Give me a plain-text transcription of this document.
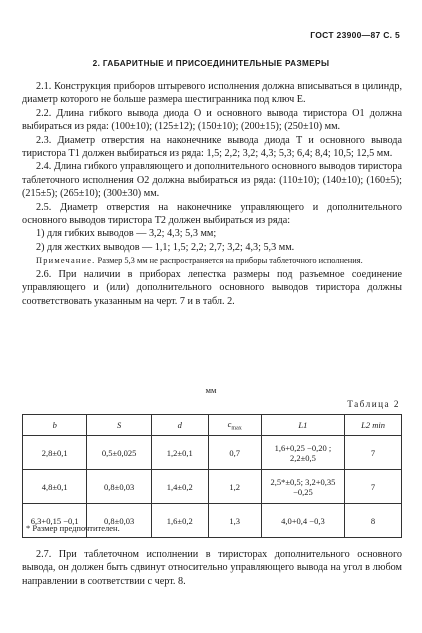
ГОСТ 23900—87 С. 5
2. ГАБАРИТНЫЕ И ПРИСОЕДИНИТЕЛЬНЫЕ РАЗМЕРЫ

2.1. Конструкция приборов штыревого исполнения должна вписываться в цилиндр, диаметр которого не больше размера шестигранника под ключ E.

2.2. Длина гибкого вывода диода O и основного вывода тиристора O1 должна выбираться из ряда: (100±10); (125±12); (150±10); (200±15); (250±10) мм.

2.3. Диаметр отверстия на наконечнике вывода диода T и основного вывода тиристора T1 должен выбираться из ряда: 1,5; 2,2; 3,2; 4,3; 5,3; 6,4; 8,4; 10,5; 12,5 мм.

2.4. Длина гибкого управляющего и дополнительного основного выводов тиристора таблеточного исполнения O2 должна выбираться из ряда: (110±10); (140±10); (160±5); (215±5); (265±10); (300±30) мм.

2.5. Диаметр отверстия на наконечнике управляющего и дополнительного основного выводов тиристора T2 должен выбираться из ряда:

1) для гибких выводов — 3,2; 4,3; 5,3 мм;

2) для жестких выводов — 1,1; 1,5; 2,2; 2,7; 3,2; 4,3; 5,3 мм.

Примечание. Размер 5,3 мм не распространяется на приборы таблеточного исполнения.

2.6. При наличии в приборах лепестка размеры под разъемное соединение управляющего и (или) дополнительного основного выводов тиристора должны соответствовать указанным на черт. 7 и в табл. 2.

мм
Таблица 2
b	S	d	$c_{max}$	L1	L2 min
2,8±0,1	0,5±0,025	1,2±0,1	0,7	1,6+0,25 −0,20 ; 2,2±0,5	7
4,8±0,1	0,8±0,03	1,4±0,2	1,2	2,5*±0,5; 3,2+0,35 −0,25	7
6,3+0,15 −0,1	0,8±0,03	1,6±0,2	1,3	4,0+0,4 −0,3	8
* Размер предпочтителен.

2.7. При таблеточном исполнении в тиристорах дополнительного основного вывода, он должен быть сдвинут относительно управляющего вывода на угол в любом направлении в соответствии с черт. 8.
